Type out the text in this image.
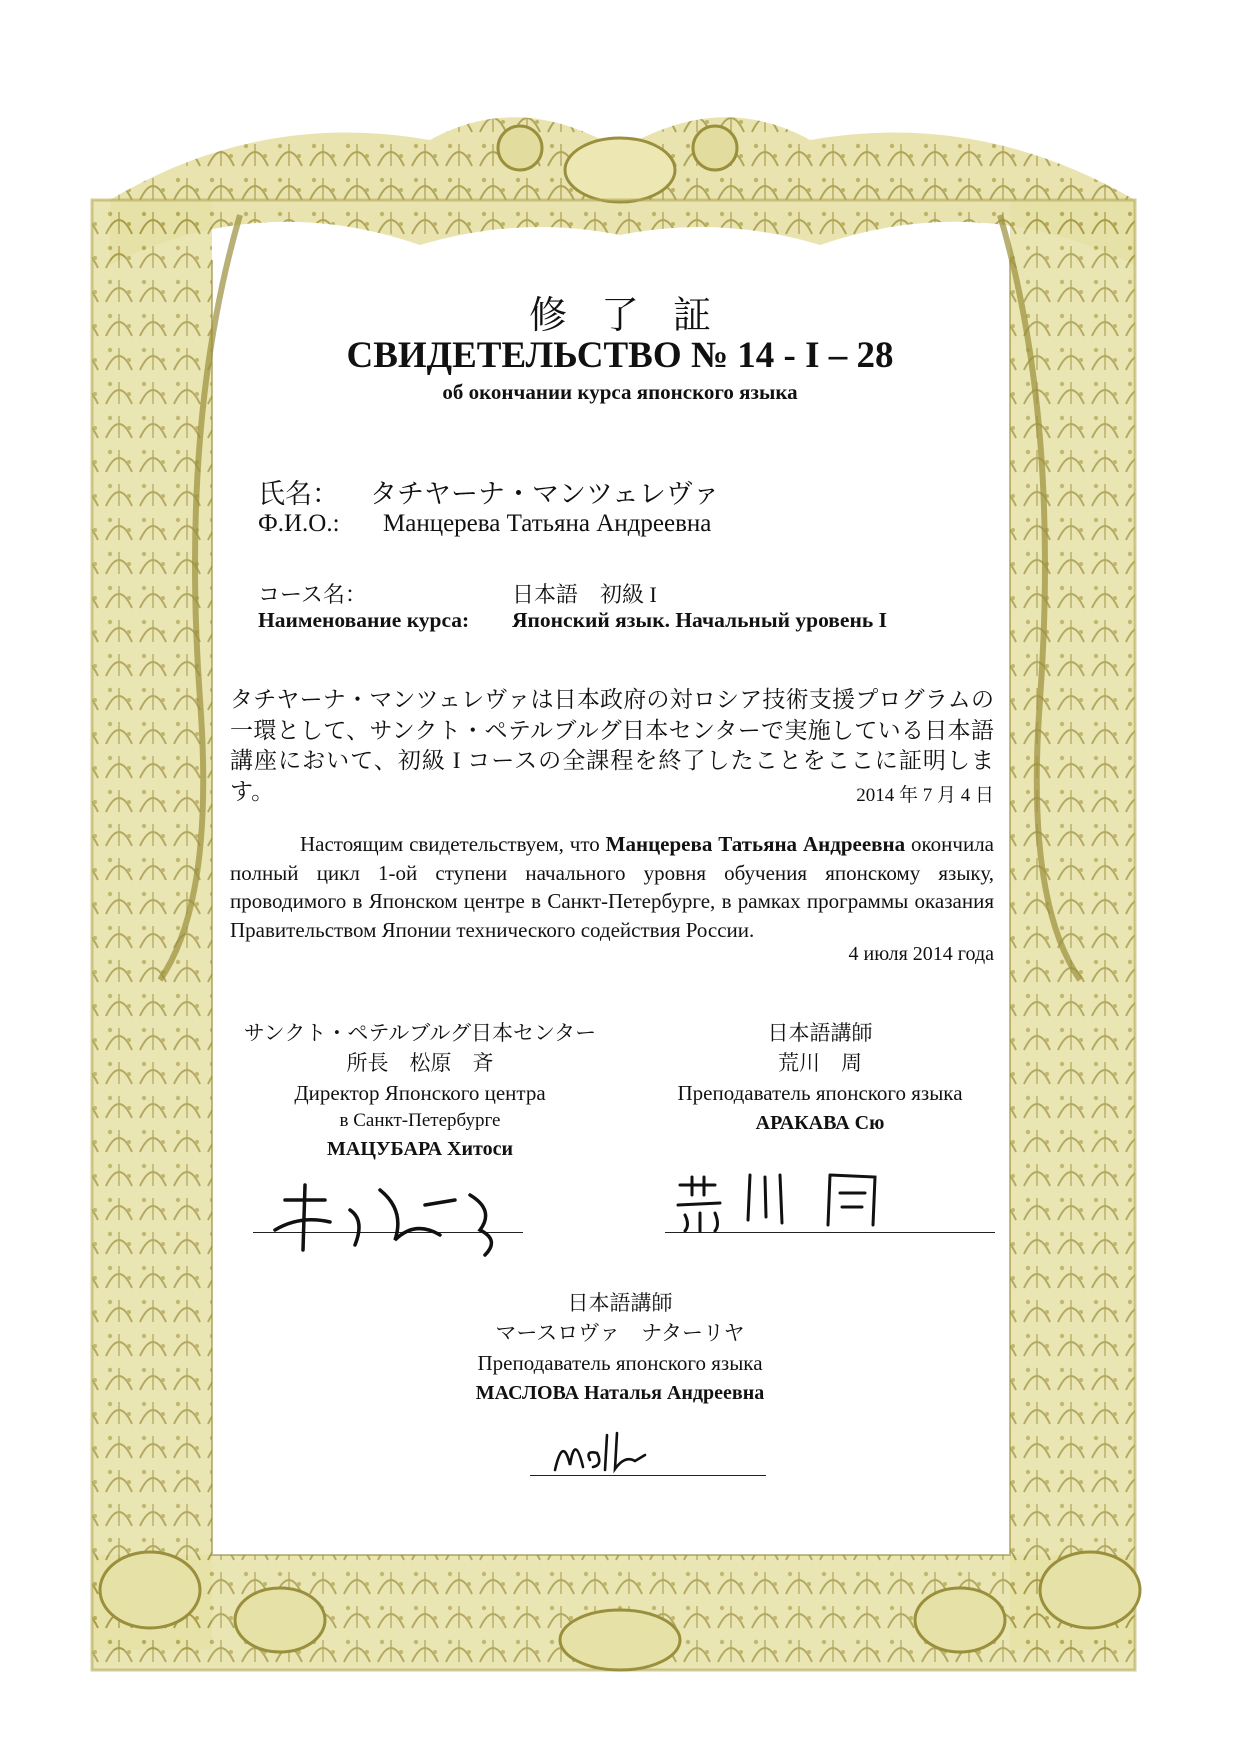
修了証
СВИДЕТЕЛЬСТВО № 14 - I – 28
об окончании курса японского языка
氏名： タチヤーナ・マンツェレヴァ
Ф.И.О.: Манцерева Татьяна Андреевна
コース名：	日本語　初級 I
Наименование курса: Японский язык. Начальный уровень I
タチヤーナ・マンツェレヴァは日本政府の対ロシア技術支援プログラムの一環として、サンクト・ペテルブルグ日本センターで実施している日本語講座において、初級 I コースの全課程を終了したことをここに証明します。	2014 年 7 月 4 日
Настоящим свидетельствуем, что Манцерева Татьяна Андреевна окончила полный цикл 1-ой ступени начального уровня обучения японскому языку, проводимого в Японском центре в Санкт-Петербурге, в рамках программы оказания Правительством Японии технического содействия России.
4 июля 2014 года
サンクト・ペテルブルグ日本センター
所長　松原　斉
Директор Японского центра
в Санкт-Петербурге
МАЦУБАРА Хитоси
日本語講師
荒川　周
Преподаватель японского языка
АРАКАВА Сю
日本語講師
マースロヴァ　ナターリヤ
Преподаватель японского языка
МАСЛОВА Наталья Андреевна
